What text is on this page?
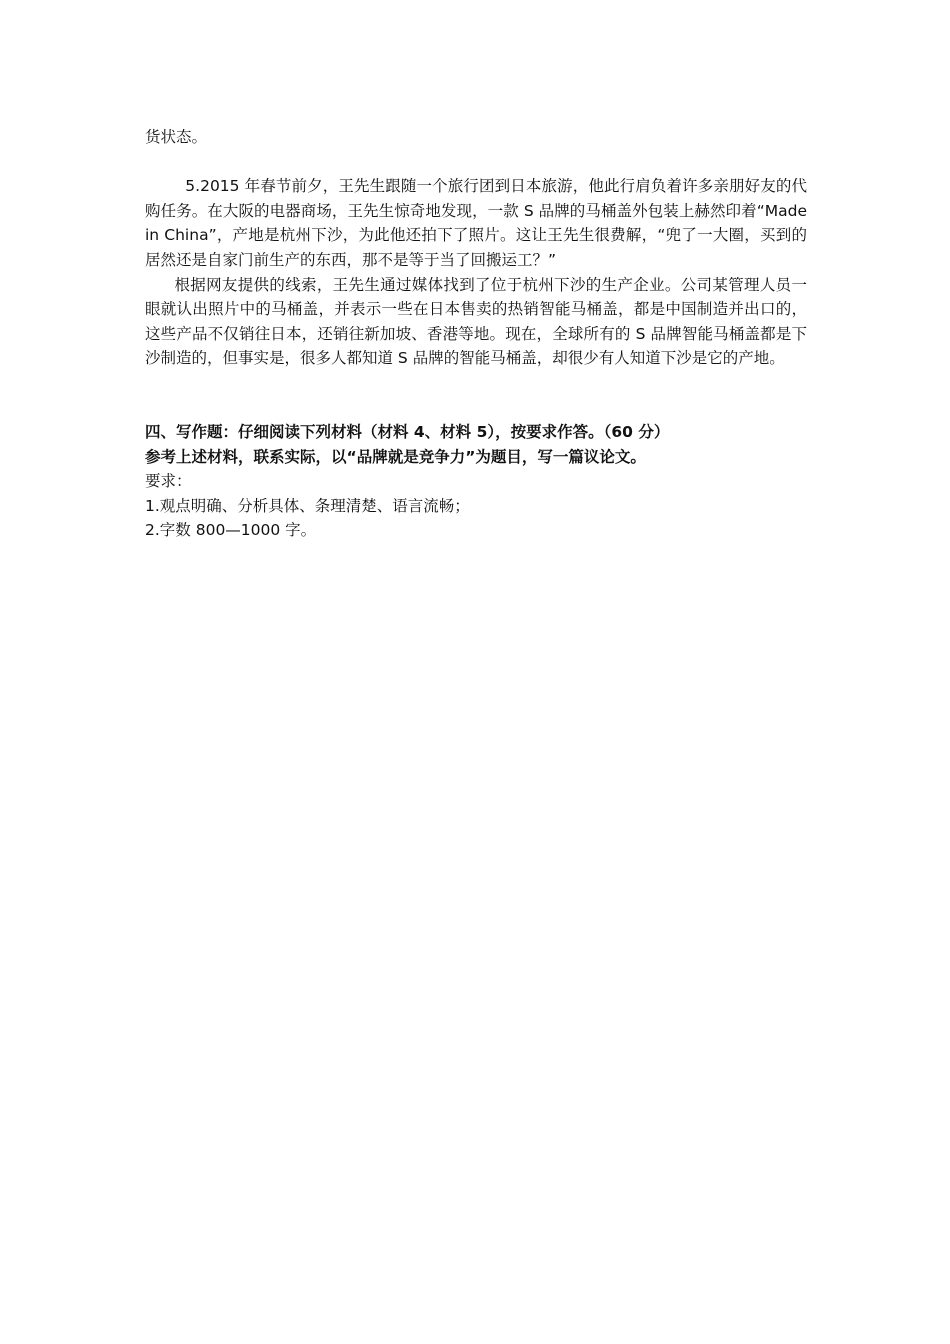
货状态。

5.2015 年春节前夕，王先生跟随一个旅行团到日本旅游，他此行肩负着许多亲朋好友的代购任务。在大阪的电器商场，王先生惊奇地发现，一款 S 品牌的马桶盖外包装上赫然印着“Made in China”，产地是杭州下沙，为此他还拍下了照片。这让王先生很费解，“兜了一大圈，买到的居然还是自家门前生产的东西，那不是等于当了回搬运工？”

根据网友提供的线索，王先生通过媒体找到了位于杭州下沙的生产企业。公司某管理人员一眼就认出照片中的马桶盖，并表示一些在日本售卖的热销智能马桶盖，都是中国制造并出口的，这些产品不仅销往日本，还销往新加坡、香港等地。现在，全球所有的 S 品牌智能马桶盖都是下沙制造的，但事实是，很多人都知道 S 品牌的智能马桶盖，却很少有人知道下沙是它的产地。

四、写作题：仔细阅读下列材料（材料 4、材料 5），按要求作答。（60 分）

参考上述材料，联系实际，以“品牌就是竞争力”为题目，写一篇议论文。

要求：

1.观点明确、分析具体、条理清楚、语言流畅；

2.字数 800—1000 字。
